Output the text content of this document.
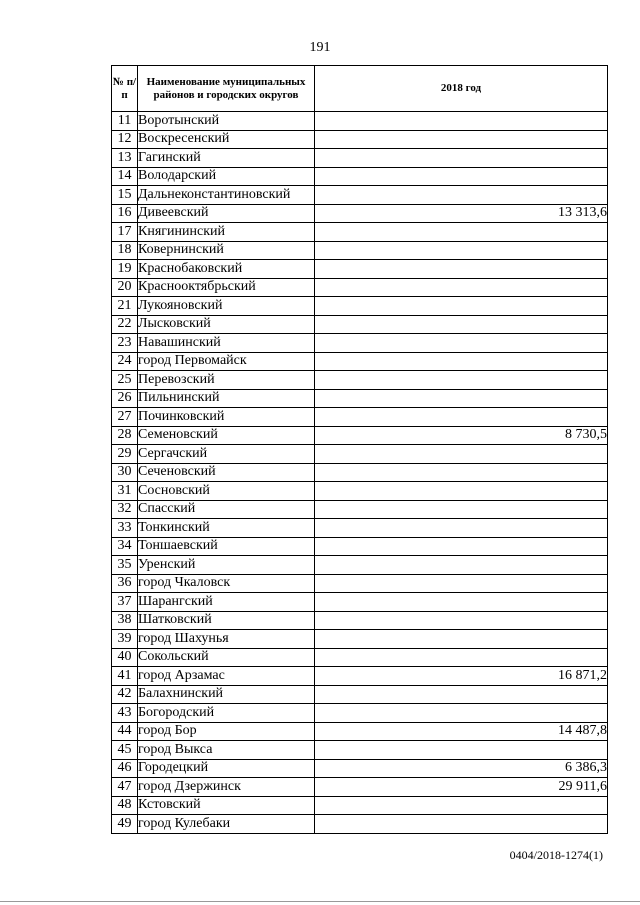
191
№ п/п	Наименование муниципальных районов и городских округов	2018 год
11	Воротынский	
12	Воскресенский	
13	Гагинский	
14	Володарский	
15	Дальнеконстантиновский	
16	Дивеевский	13 313,6
17	Княгининский	
18	Ковернинский	
19	Краснобаковский	
20	Краснооктябрьский	
21	Лукояновский	
22	Лысковский	
23	Навашинский	
24	город Первомайск	
25	Перевозский	
26	Пильнинский	
27	Починковский	
28	Семеновский	8 730,5
29	Сергачский	
30	Сеченовский	
31	Сосновский	
32	Спасский	
33	Тонкинский	
34	Тоншаевский	
35	Уренский	
36	город Чкаловск	
37	Шарангский	
38	Шатковский	
39	город Шахунья	
40	Сокольский	
41	город Арзамас	16 871,2
42	Балахнинский	
43	Богородский	
44	город Бор	14 487,8
45	город Выкса	
46	Городецкий	6 386,3
47	город Дзержинск	29 911,6
48	Кстовский	
49	город Кулебаки	
0404/2018-1274(1)
